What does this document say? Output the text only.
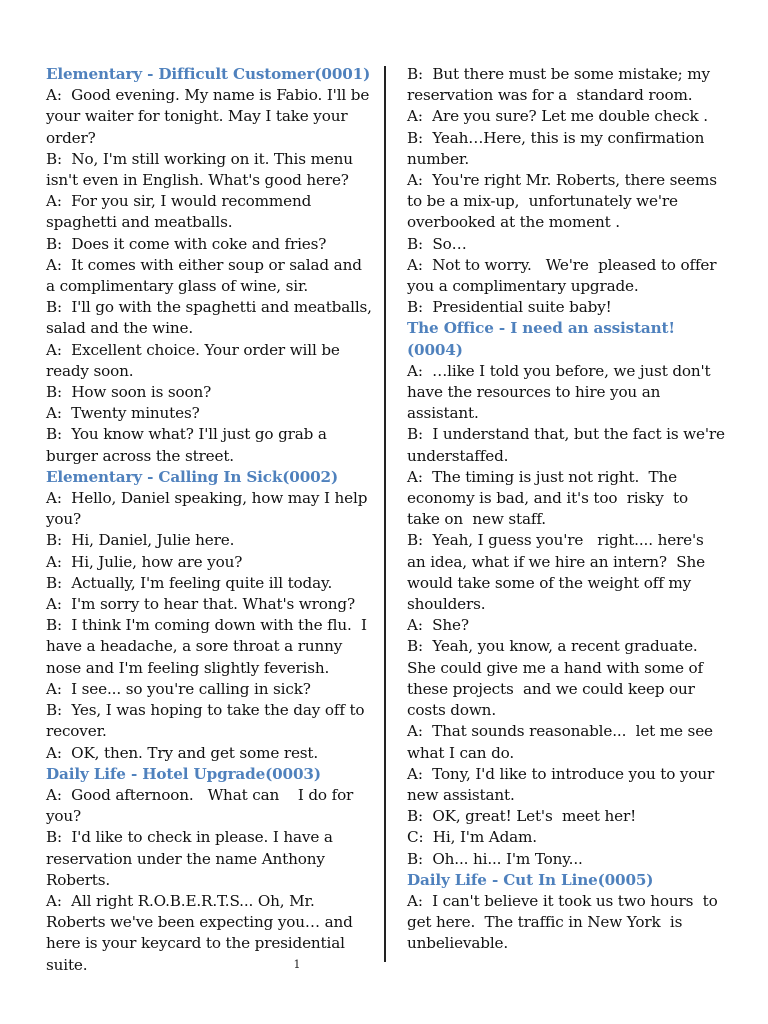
Elementary - Difficult Customer(0001)

A:  Good evening. My name is Fabio. I'll be your waiter for tonight. May I take your order?

B:  No, I'm still working on it. This menu isn't even in English. What's good here?

A:  For you sir, I would recommend spaghetti and meatballs.

B:  Does it come with coke and fries?

A:  It comes with either soup or salad and a complimentary glass of wine, sir.

B:  I'll go with the spaghetti and meatballs, salad and the wine.

A:  Excellent choice. Your order will be ready soon.

B:  How soon is soon?

A:  Twenty minutes?

B:  You know what? I'll just go grab a burger across the street.

Elementary - Calling In Sick(0002)

A:  Hello, Daniel speaking, how may I help you?

B:  Hi, Daniel, Julie here.

A:  Hi, Julie, how are you?

B:  Actually, I'm feeling quite ill today.

A:  I'm sorry to hear that. What's wrong?

B:  I think I'm coming down with the flu.  I have a headache, a sore throat a runny nose and I'm feeling slightly feverish.

A:  I see... so you're calling in sick?

B:  Yes, I was hoping to take the day off to recover.

A:  OK, then. Try and get some rest.

Daily Life - Hotel Upgrade(0003)

A:  Good afternoon.   What can    I do for you?

B:  I'd like to check in please. I have a reservation under the name Anthony Roberts.

A:  All right R.O.B.E.R.T.S... Oh, Mr. Roberts we've been expecting you… and here is your keycard to the presidential suite.

B:  But there must be some mistake; my reservation was for a  standard room.

A:  Are you sure? Let me double check .

B:  Yeah…Here, this is my confirmation number.

A:  You're right Mr. Roberts, there seems to be a mix-up,  unfortunately we're overbooked at the moment .

B:  So…

A:  Not to worry.   We're  pleased to offer you a complimentary upgrade.

B:  Presidential suite baby!

The Office - I need an assistant!(0004)

A:  …like I told you before, we just don't have the resources to hire you an assistant.

B:  I understand that, but the fact is we're understaffed.

A:  The timing is just not right.  The economy is bad, and it's too  risky  to take on  new staff.

B:  Yeah, I guess you're   right.... here's an idea, what if we hire an intern?  She would take some of the weight off my shoulders.

A:  She?

B:  Yeah, you know, a recent graduate. She could give me a hand with some of these projects  and we could keep our costs down.

A:  That sounds reasonable...  let me see what I can do.

A:  Tony, I'd like to introduce you to your new assistant.

B:  OK, great! Let's  meet her!

C:  Hi, I'm Adam.

B:  Oh... hi... I'm Tony...

Daily Life - Cut In Line(0005)

A:  I can't believe it took us two hours  to get here.  The traffic in New York  is unbelievable.

1
